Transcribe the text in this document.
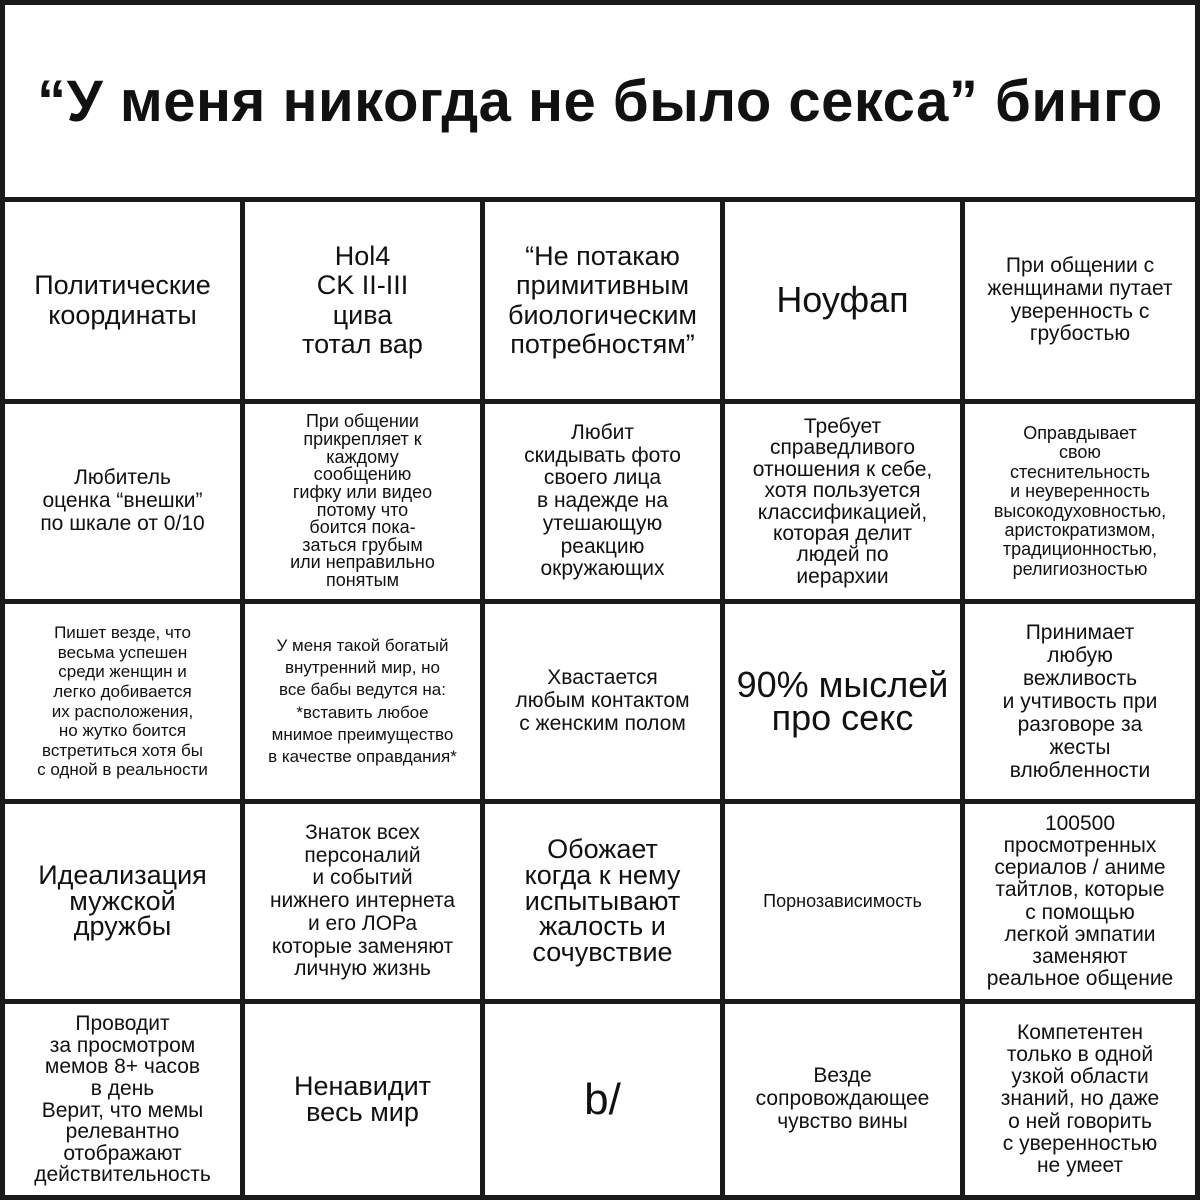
“У меня никогда не было секса” бинго
Политические
координаты
Hol4
CK II-III
цива
тотал вар
“Не потакаю
примитивным
биологическим
потребностям”
Ноуфап
При общении с
женщинами путает
уверенность с
грубостью
Любитель
оценка “внешки”
по шкале от 0/10
При общении
прикрепляет к
каждому
сообщению
гифку или видео
потому что
боится пока-
заться грубым
или неправильно
понятым
Любит
скидывать фото
своего лица
в надежде на
утешающую
реакцию
окружающих
Требует
справедливого
отношения к себе,
хотя пользуется
классификацией,
которая делит
людей по
иерархии
Оправдывает
свою
стеснительность
и неуверенность
высокодуховностью,
аристократизмом,
традиционностью,
религиозностью
Пишет везде, что
весьма успешен
среди женщин и
легко добивается
их расположения,
но жутко боится
встретиться хотя бы
с одной в реальности
У меня такой богатый
внутренний мир, но
все бабы ведутся на:
*вставить любое
мнимое преимущество
в качестве оправдания*
Хвастается
любым контактом
с женским полом
90% мыслей
про секс
Принимает
любую
вежливость
и учтивость при
разговоре за
жесты
влюбленности
Идеализация
мужской
дружбы
Знаток всех
персоналий
и событий
нижнего интернета
и его ЛОРа
которые заменяют
личную жизнь
Обожает
когда к нему
испытывают
жалость и
сочувствие
Порнозависимость
100500
просмотренных
сериалов / аниме
тайтлов, которые
с помощью
легкой эмпатии
заменяют
реальное общение
Проводит
за просмотром
мемов 8+ часов
в день
Верит, что мемы
релевантно
отображают
действительность
Ненавидит
весь мир	b/	Везде
сопровождающее
чувство вины
Компетентен
только в одной
узкой области
знаний, но даже
о ней говорить
с уверенностью
не умеет
